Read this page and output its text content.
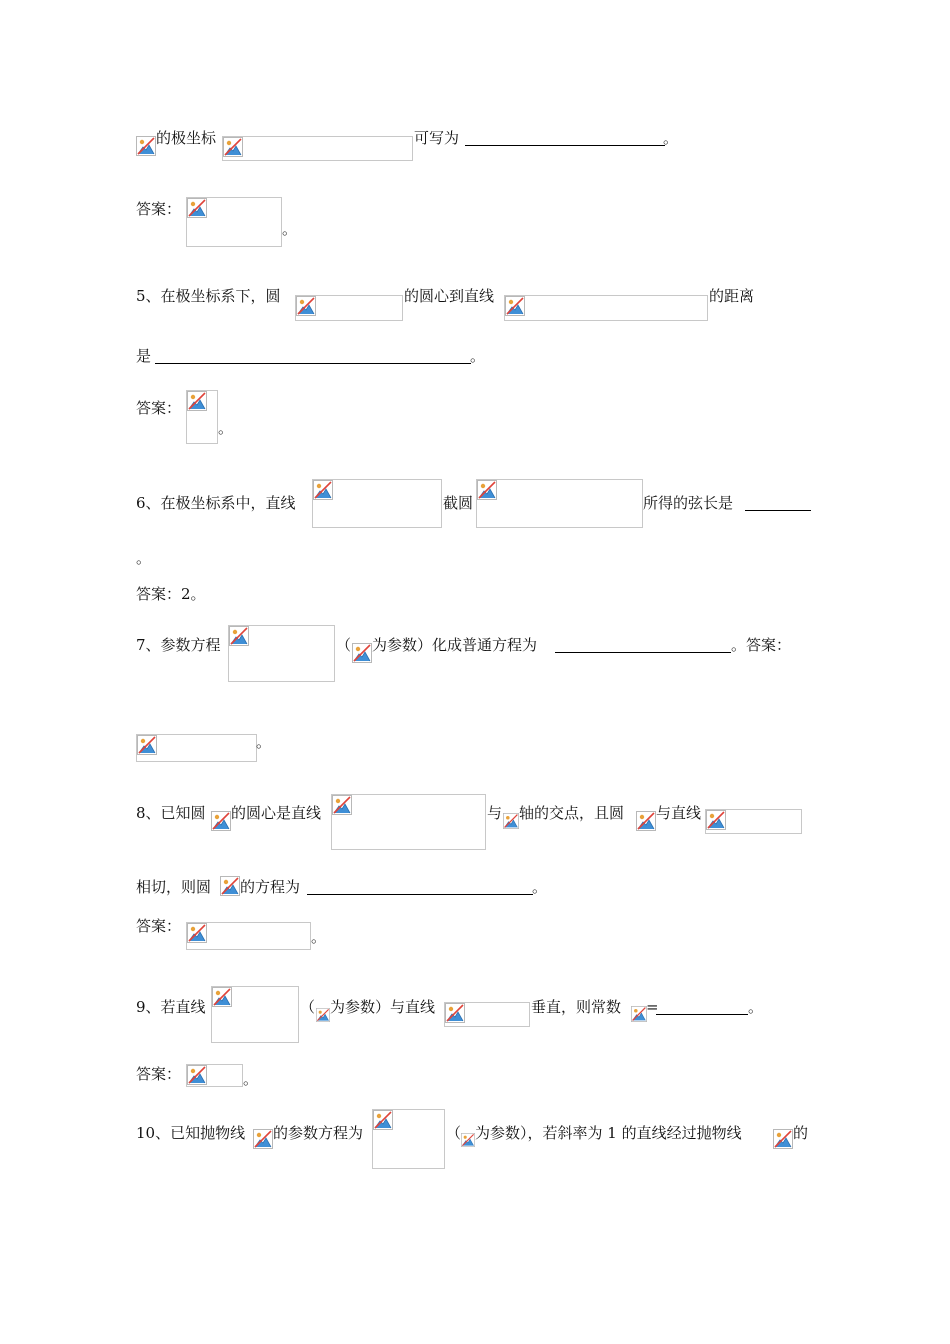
的极坐标	可写为	。
答案：
。
5、在极坐标系下，圆	的圆心到直线	的距离
是	。
答案：
。
6、在极坐标系中，直线	截圆	所得的弦长是
。
答案：2。
7、参数方程	（ 为参数）化成普通方程为	。答案：
。
8、已知圆 的圆心是直线	与 轴的交点，且圆 与直线
相切，则圆 的方程为	。
答案：
。
9、若直线	（ 为参数）与直线	垂直，则常数 =	。
答案：	。
10、已知抛物线 的参数方程为	（ 为参数），若斜率为 1 的直线经过抛物线	的
